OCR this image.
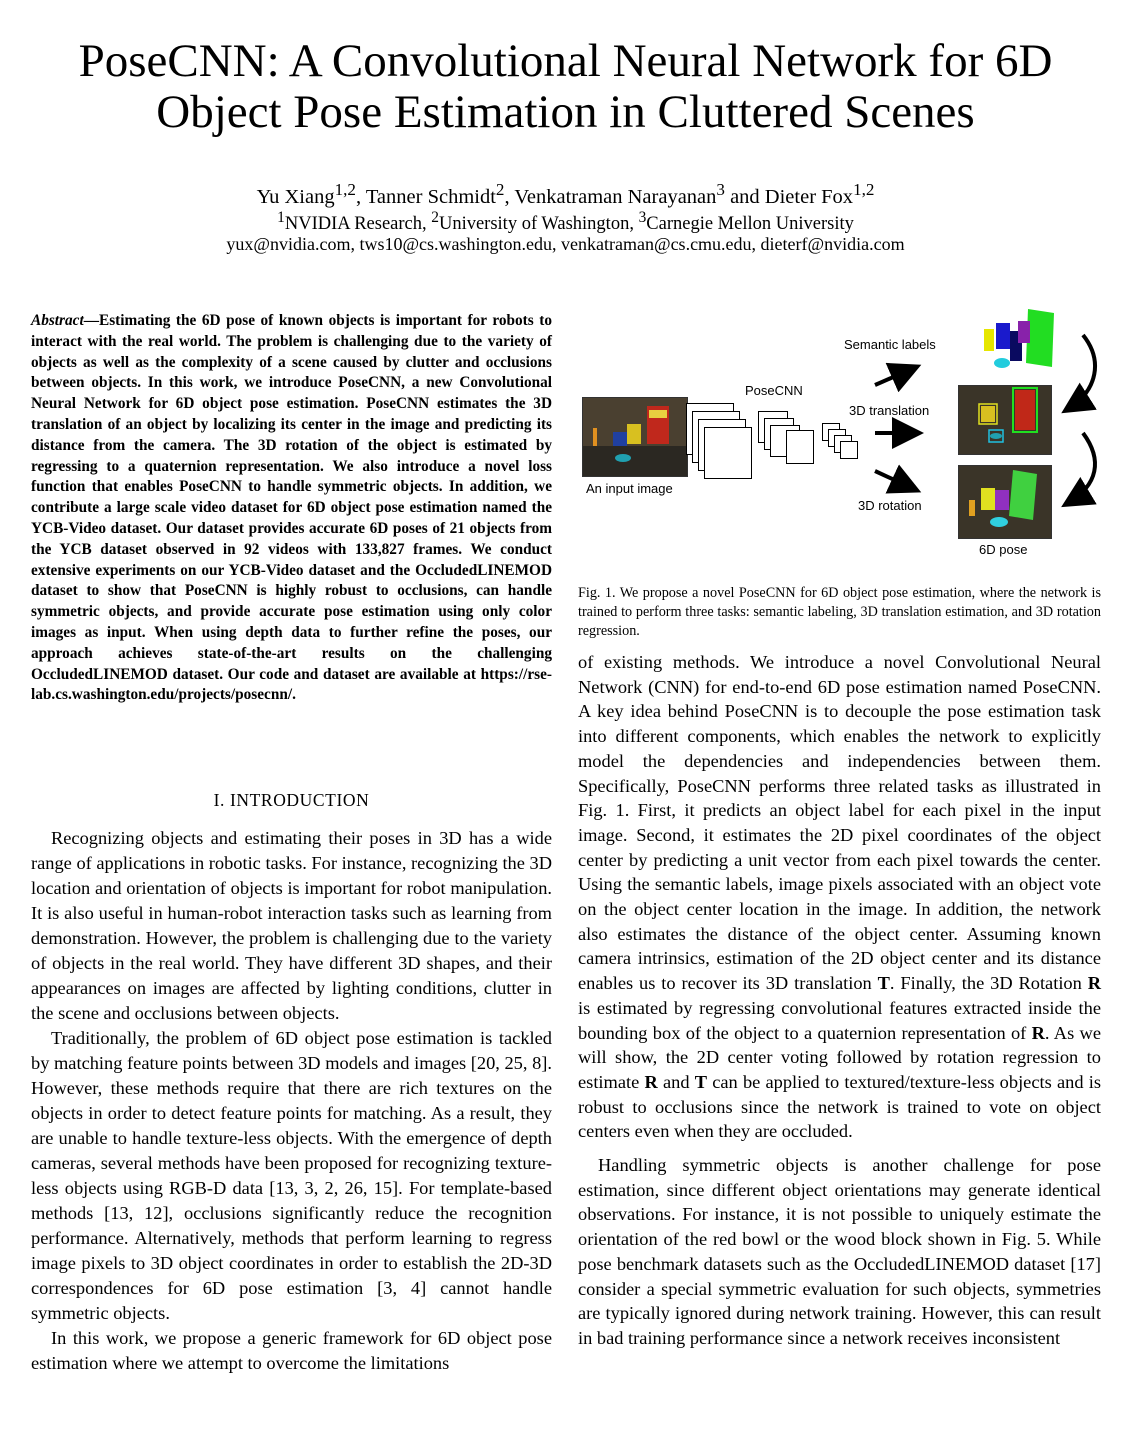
PoseCNN: A Convolutional Neural Network for 6D
Object Pose Estimation in Cluttered Scenes
Yu Xiang$^{1,2}$, Tanner Schmidt$^2$, Venkatraman Narayanan$^3$ and Dieter Fox$^{1,2}$
$^1$NVIDIA Research, $^2$University of Washington, $^3$Carnegie Mellon University
yux@nvidia.com, tws10@cs.washington.edu, venkatraman@cs.cmu.edu, dieterf@nvidia.com
Abstract—Estimating the 6D pose of known objects is important for robots to interact with the real world. The problem is challenging due to the variety of objects as well as the complexity of a scene caused by clutter and occlusions between objects. In this work, we introduce PoseCNN, a new Convolutional Neural Network for 6D object pose estimation. PoseCNN estimates the 3D translation of an object by localizing its center in the image and predicting its distance from the camera. The 3D rotation of the object is estimated by regressing to a quaternion representation. We also introduce a novel loss function that enables PoseCNN to handle symmetric objects. In addition, we contribute a large scale video dataset for 6D object pose estimation named the YCB-Video dataset. Our dataset provides accurate 6D poses of 21 objects from the YCB dataset observed in 92 videos with 133,827 frames. We conduct extensive experiments on our YCB-Video dataset and the OccludedLINEMOD dataset to show that PoseCNN is highly robust to occlusions, can handle symmetric objects, and provide accurate pose estimation using only color images as input. When using depth data to further refine the poses, our approach achieves state-of-the-art results on the challenging OccludedLINEMOD dataset. Our code and dataset are available at https://rse-lab.cs.washington.edu/projects/posecnn/.
I. INTRODUCTION

Recognizing objects and estimating their poses in 3D has a wide range of applications in robotic tasks. For instance, recognizing the 3D location and orientation of objects is important for robot manipulation. It is also useful in human-robot interaction tasks such as learning from demonstration. However, the problem is challenging due to the variety of objects in the real world. They have different 3D shapes, and their appearances on images are affected by lighting conditions, clutter in the scene and occlusions between objects.

Traditionally, the problem of 6D object pose estimation is tackled by matching feature points between 3D models and images [20, 25, 8]. However, these methods require that there are rich textures on the objects in order to detect feature points for matching. As a result, they are unable to handle texture-less objects. With the emergence of depth cameras, several methods have been proposed for recognizing texture-less objects using RGB-D data [13, 3, 2, 26, 15]. For template-based methods [13, 12], occlusions significantly reduce the recognition performance. Alternatively, methods that perform learning to regress image pixels to 3D object coordinates in order to establish the 2D-3D correspondences for 6D pose estimation [3, 4] cannot handle symmetric objects.

In this work, we propose a generic framework for 6D object pose estimation where we attempt to overcome the limitations

An input image
PoseCNN
Semantic labels
3D translation
3D rotation
6D pose
Fig. 1. We propose a novel PoseCNN for 6D object pose estimation, where the network is trained to perform three tasks: semantic labeling, 3D translation estimation, and 3D rotation regression.

of existing methods. We introduce a novel Convolutional Neural Network (CNN) for end-to-end 6D pose estimation named PoseCNN. A key idea behind PoseCNN is to decouple the pose estimation task into different components, which enables the network to explicitly model the dependencies and independencies between them. Specifically, PoseCNN performs three related tasks as illustrated in Fig. 1. First, it predicts an object label for each pixel in the input image. Second, it estimates the 2D pixel coordinates of the object center by predicting a unit vector from each pixel towards the center. Using the semantic labels, image pixels associated with an object vote on the object center location in the image. In addition, the network also estimates the distance of the object center. Assuming known camera intrinsics, estimation of the 2D object center and its distance enables us to recover its 3D translation T. Finally, the 3D Rotation R is estimated by regressing convolutional features extracted inside the bounding box of the object to a quaternion representation of R. As we will show, the 2D center voting followed by rotation regression to estimate R and T can be applied to textured/texture-less objects and is robust to occlusions since the network is trained to vote on object centers even when they are occluded.

Handling symmetric objects is another challenge for pose estimation, since different object orientations may generate identical observations. For instance, it is not possible to uniquely estimate the orientation of the red bowl or the wood block shown in Fig. 5. While pose benchmark datasets such as the OccludedLINEMOD dataset [17] consider a special symmetric evaluation for such objects, symmetries are typically ignored during network training. However, this can result in bad training performance since a network receives inconsistent
